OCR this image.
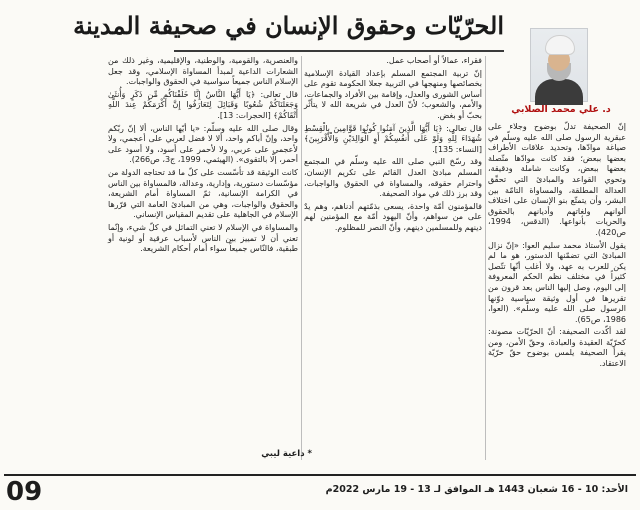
الحرّيّات وحقوق الإنسان في صحيفة المدينة
د. علي محمد الصلابي

إنّ الصحيفة تدلّ بوضوح وجلاء على عبقرية الرسول صلى الله عليه وسلّم في صياغة موادّها، وتحديد علاقات الأطراف بعضها ببعض؛ فقد كانت موادّها متّصلة بعضها ببعض، وكانت شاملة ودقيقة، وتحوي القواعد والمبادئ التي تحقّق العدالة المطلقة، والمساواة التامّة بين البشر، وأن يتمتّع بنو الإنسان على اختلاف ألوانهم ولغاتهم وأديانهم بالحقوق والحريات بأنواعها. (الدقس، 1994، ص420).

يقول الأستاذ محمد سليم العوا: «إنّ نزال المبادئ التي تضمّنها الدستور، هو ما لم يكن للعرب به عهد، ولا أغلب أنّها تتّصل كثيراً في مختلف نظم الحكم المعروفة إلى اليوم، وصل إليها الناس بعد قرون من تقريرها في أول وثيقة سياسية دوّنها الرسول صلى الله عليه وسلّم». (العوا، 1986، ص65).

لقد أكّدت الصحيفة: أنّ الحرّيّات مصونة: كحرّيّة العقيدة والعبادة، وحقّ الأمن، ومن يقرأ الصحيفة يلمس بوضوح حقّ حرّيّة الاعتقاد.

فقراء، عمالاً أو أصحاب عمل.

إنّ تربية المجتمع المسلم بإعداد القيادة الإسلامية بخصائصها ومنهجها في التربية جعلا الحكومة تقوم على أساس الشورى والعدل، وإقامة بين الأفراد والجماعات، والأمم، والشعوب؛ لأنّ العدل في شريعة الله لا يتأثّر بحبّ أو بغض.

قال تعالى: ﴿يَا أَيُّهَا الَّذِينَ آمَنُوا كُونُوا قَوَّامِينَ بِالْقِسْطِ شُهَدَاءَ لِلَّهِ وَلَوْ عَلَى أَنفُسِكُمْ أَوِ الْوَالِدَيْنِ وَالْأَقْرَبِينَ﴾ [النساء: 135].

وقد رسّخ النبي صلى الله عليه وسلّم في المجتمع المسلم مبادئ العدل القائم على تكريم الإنسان، واحترام حقوقه، والمساواة في الحقوق والواجبات، وقد برز ذلك في مواد الصحيفة.

فالمؤمنون أمّة واحدة، يسعى بذمّتهم أدناهم، وهم يدٌ على من سواهم، وأنّ اليهود أمّة مع المؤمنين لهم دينهم وللمسلمين دينهم، وأنّ النصر للمظلوم.

والعنصرية، والقومية، والوطنية، والإقليمية، وغير ذلك من الشعارات الداعية لمبدأ المساواة الإسلامي، وقد جعل الإسلام الناس جميعاً سواسية في الحقوق والواجبات.

قال تعالى: ﴿يَا أَيُّهَا النَّاسُ إِنَّا خَلَقْنَاكُم مِّن ذَكَرٍ وَأُنثَىٰ وَجَعَلْنَاكُمْ شُعُوبًا وَقَبَائِلَ لِتَعَارَفُوا إِنَّ أَكْرَمَكُمْ عِندَ اللَّهِ أَتْقَاكُمْ﴾ [الحجرات: 13].

وقال صلى الله عليه وسلّم: «يا أيّها الناس، ألا إنّ ربّكم واحد، وإنّ أباكم واحد، ألا لا فضل لعربي على أعجمي، ولا لأعجمي على عربي، ولا لأحمر على أسود، ولا أسود على أحمر، إلّا بالتقوى». (الهيثمي، 1999، ج3، ص266).

كانت الوثيقة قد تأسّست على كلّ ما قد تحتاجه الدولة من مؤسّسات دستورية، وإدارية، وعدالة، فالمساواة بين الناس في الكرامة الإنسانية، ثمّ المساواة أمام الشريعة، والحقوق والواجبات، وهي من المبادئ العامة التي قرّرها الإسلام في الجاهلية على تقديم المقياس الإنساني.

والمساواة في الإسلام لا تعني التماثل في كلّ شيء، وإنّما تعني أن لا تمييز بين الناس لأسباب عرقية أو لونية أو طبقية، فالنّاس جميعاً سواء أمام أحكام الشريعة.

* داعية ليبي
09	الأحد: 10 - 16 شعبان 1443 هـ الموافق لـ 13 - 19 مارس 2022م
